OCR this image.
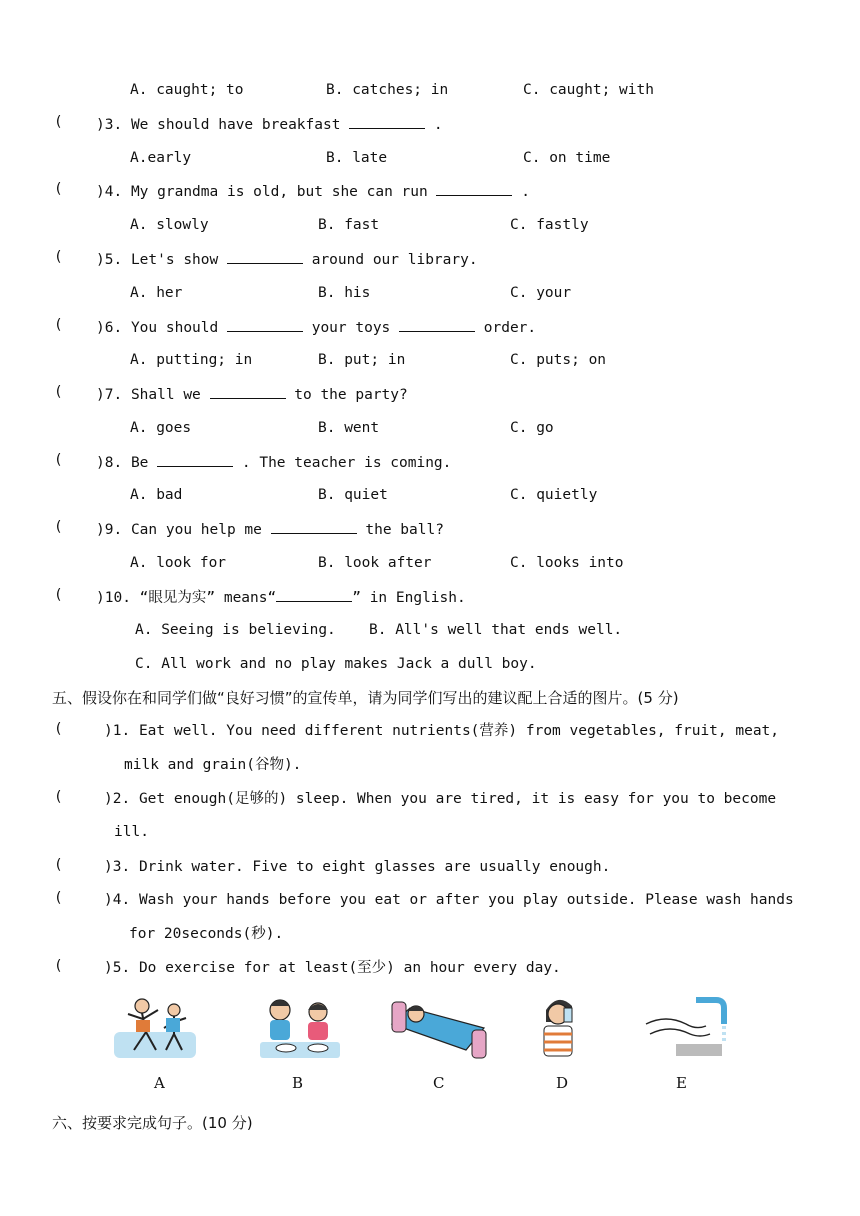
A. caught; to	B. catches; in	C. caught; with
( )3. We should have breakfast	.
A.early	B. late	C. on time
( )4. My grandma is old, but she can run	.
A. slowly	B. fast	C. fastly
( )5. Let's show	around our library.
A. her	B. his	C. your
( )6. You should	your toys	order.
A. putting; in	B. put; in	C. puts; on
( )7. Shall we	to the party?
A. goes	B. went	C. go
( )8. Be	. The teacher is coming.
A. bad	B. quiet	C. quietly
( )9. Can you help me	the ball?
A. look for	B. look after	C. looks into
( )10. “眼见为实” means“	” in English.
A. Seeing is believing. B. All's well that ends well.
C. All work and no play makes Jack a dull boy.
五、假设你在和同学们做“良好习惯”的宣传单，请为同学们写出的建议配上合适的图片。(5 分)
(	)1. Eat well. You need different nutrients(营养) from vegetables, fruit, meat,
milk and grain(谷物).
(	)2. Get enough(足够的) sleep. When you are tired, it is easy for you to become
ill.
(	)3. Drink water. Five to eight glasses are usually enough.
(	)4. Wash your hands before you eat or after you play outside. Please wash hands
for 20seconds(秒).
(	)5. Do exercise for at least(至少) an hour every day.
A	B	C	D	E
六、按要求完成句子。(10 分)
